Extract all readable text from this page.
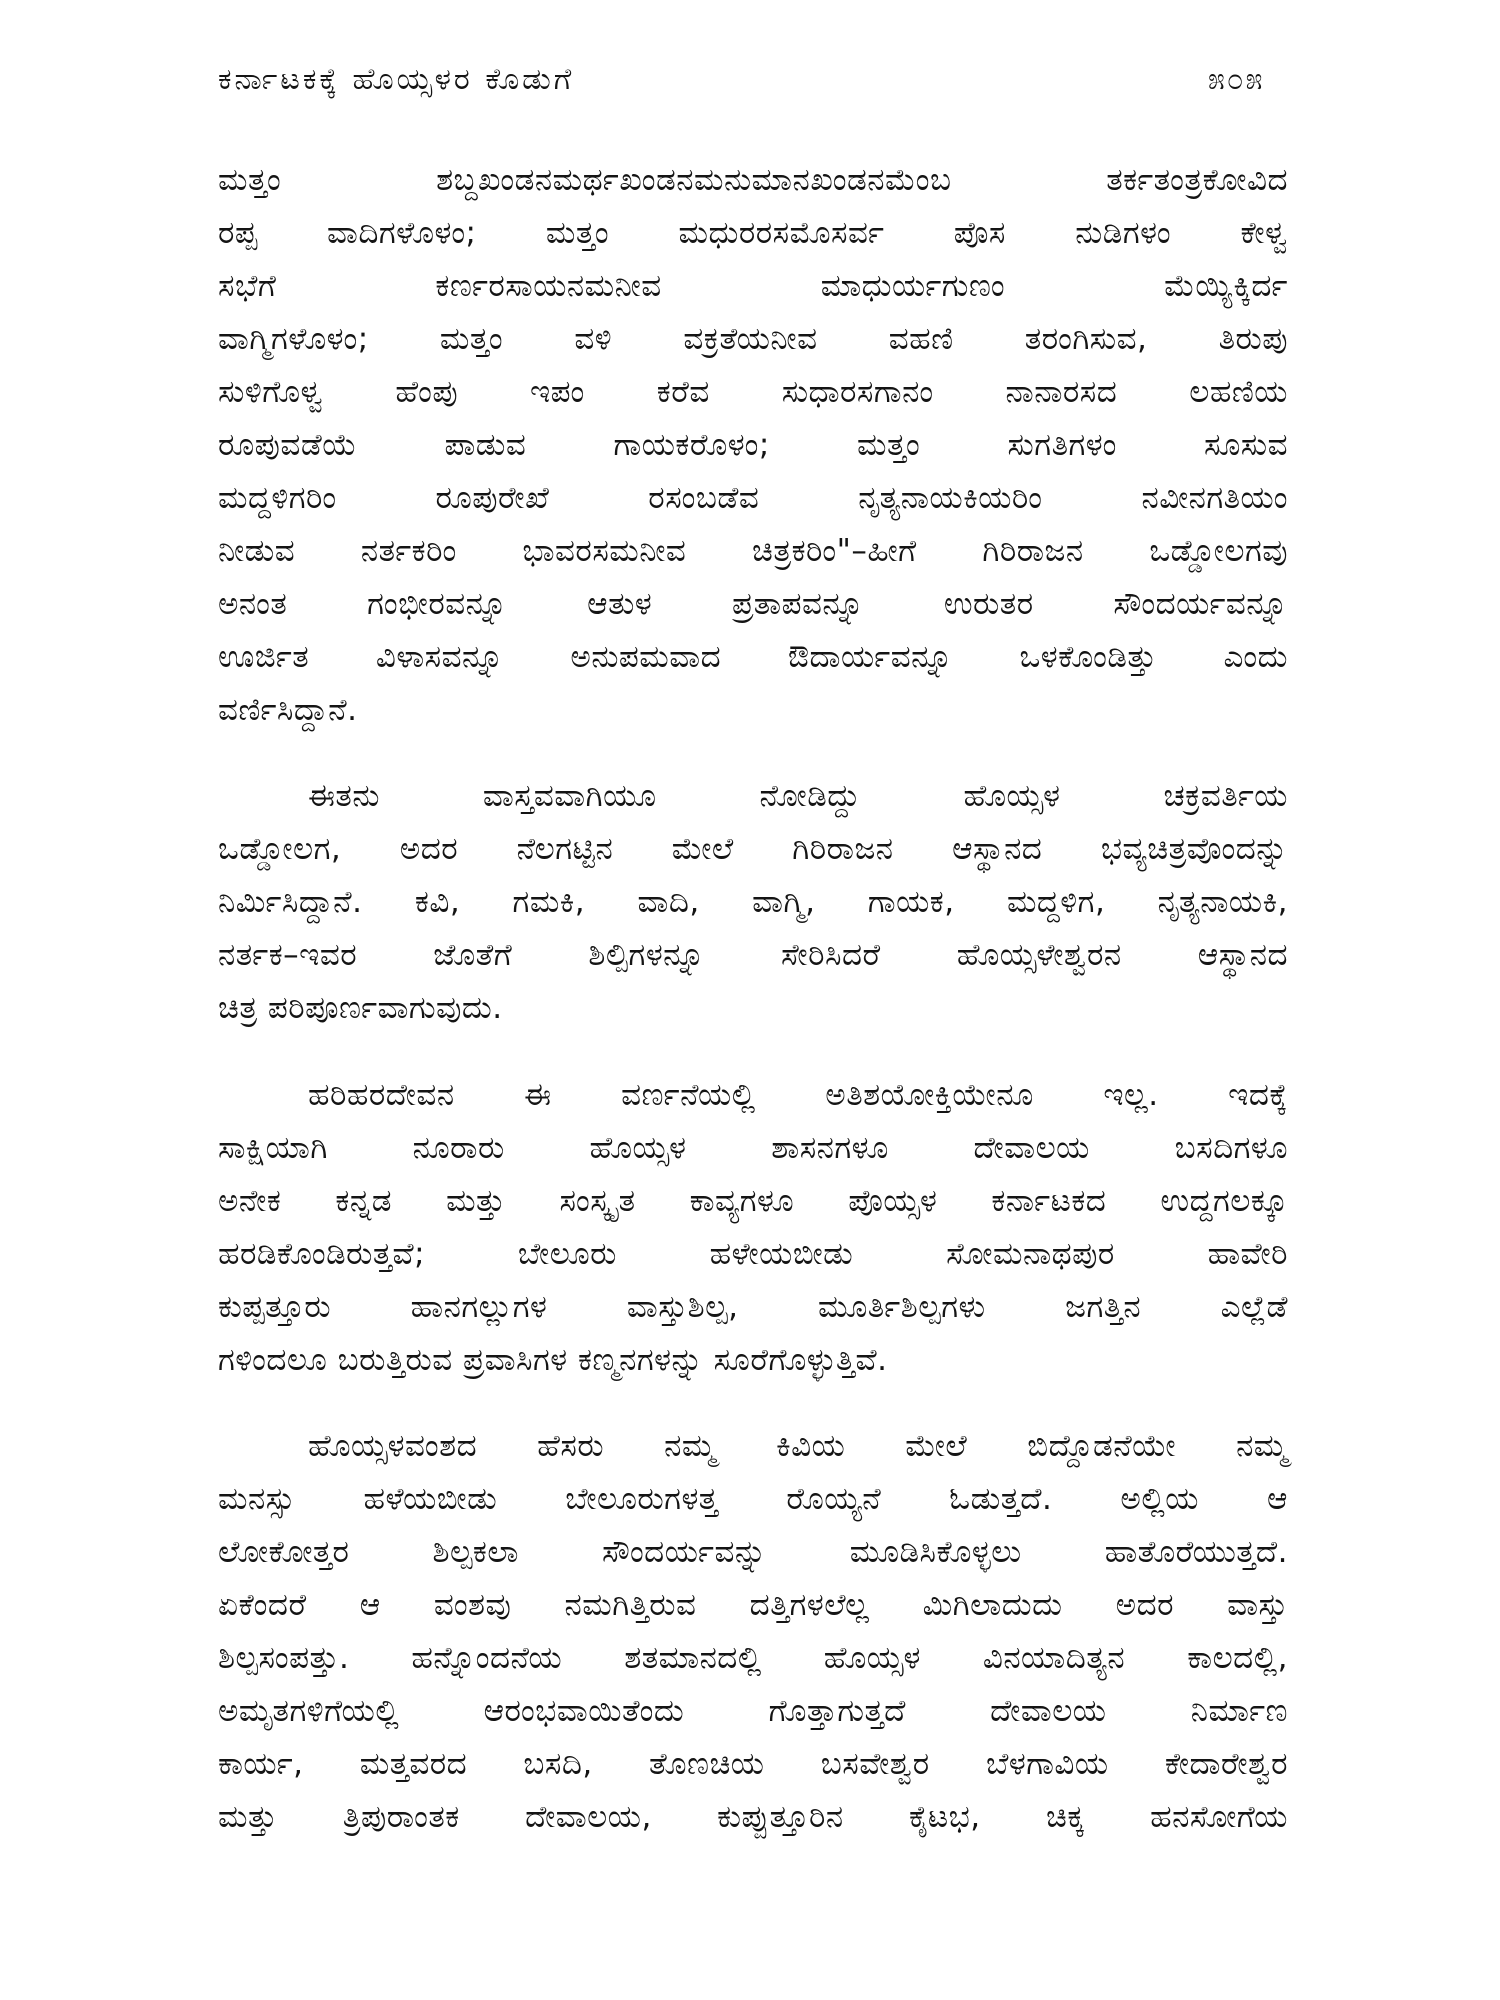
ಕರ್ನಾಟಕಕ್ಕೆ ಹೊಯ್ಸಳರ ಕೊಡುಗೆ	೫೦೫
ಮತ್ತಂ ಶಬ್ದಖಂಡನಮರ್ಥಖಂಡನಮನುಮಾನಖಂಡನಮೆಂಬ ತರ್ಕತಂತ್ರಕೋವಿದ
ರಪ್ಪ ವಾದಿಗಳೊಳಂ; ಮತ್ತಂ ಮಧುರರಸಮೊಸರ್ವ ಪೊಸ ನುಡಿಗಳಂ ಕೇಳ್ವ
ಸಭೆಗೆ ಕರ್ಣರಸಾಯನಮನೀವ ಮಾಧುರ್ಯಗುಣಂ ಮೆಯ್ಯಿಕ್ಕಿರ್ದ
ವಾಗ್ಮಿಗಳೊಳಂ; ಮತ್ತಂ ವಳಿ ವಕ್ರತೆಯನೀವ ವಹಣಿ ತರಂಗಿಸುವ, ತಿರುಪು
ಸುಳಿಗೊಳ್ವ ಹೆಂಪು ಇಪಂ ಕರೆವ ಸುಧಾರಸಗಾನಂ ನಾನಾರಸದ ಲಹಣಿಯ
ರೂಪುವಡೆಯೆ ಪಾಡುವ ಗಾಯಕರೊಳಂ; ಮತ್ತಂ ಸುಗತಿಗಳಂ ಸೂಸುವ
ಮದ್ದಳಿಗರಿಂ ರೂಪುರೇಖೆ ರಸಂಬಡೆವ ನೃತ್ಯನಾಯಕಿಯರಿಂ ನವೀನಗತಿಯಂ
ನೀಡುವ ನರ್ತಕರಿಂ ಭಾವರಸಮನೀವ ಚಿತ್ರಕರಿಂ"–ಹೀಗೆ ಗಿರಿರಾಜನ ಒಡ್ಡೋಲಗವು
ಅನಂತ ಗಂಭೀರವನ್ನೂ ಆತುಳ ಪ್ರತಾಪವನ್ನೂ ಉರುತರ ಸೌಂದರ್ಯವನ್ನೂ
ಊರ್ಜಿತ ವಿಳಾಸವನ್ನೂ ಅನುಪಮವಾದ ಔದಾರ್ಯವನ್ನೂ ಒಳಕೊಂಡಿತ್ತು ಎಂದು
ವರ್ಣಿಸಿದ್ದಾನೆ.
ಈತನು ವಾಸ್ತವವಾಗಿಯೂ ನೋಡಿದ್ದು ಹೊಯ್ಸಳ ಚಕ್ರವರ್ತಿಯ
ಒಡ್ಡೋಲಗ, ಅದರ ನೆಲಗಟ್ಟಿನ ಮೇಲೆ ಗಿರಿರಾಜನ ಆಸ್ಥಾನದ ಭವ್ಯಚಿತ್ರವೊಂದನ್ನು
ನಿರ್ಮಿಸಿದ್ದಾನೆ. ಕವಿ, ಗಮಕಿ, ವಾದಿ, ವಾಗ್ಮಿ, ಗಾಯಕ, ಮದ್ದಳಿಗ, ನೃತ್ಯನಾಯಕಿ,
ನರ್ತಕ–ಇವರ ಜೊತೆಗೆ ಶಿಲ್ಪಿಗಳನ್ನೂ ಸೇರಿಸಿದರೆ ಹೊಯ್ಸಳೇಶ್ವರನ ಆಸ್ಥಾನದ
ಚಿತ್ರ ಪರಿಪೂರ್ಣವಾಗುವುದು.
ಹರಿಹರದೇವನ ಈ ವರ್ಣನೆಯಲ್ಲಿ ಅತಿಶಯೋಕ್ತಿಯೇನೂ ಇಲ್ಲ. ಇದಕ್ಕೆ
ಸಾಕ್ಷಿಯಾಗಿ ನೂರಾರು ಹೊಯ್ಸಳ ಶಾಸನಗಳೂ ದೇವಾಲಯ ಬಸದಿಗಳೂ
ಅನೇಕ ಕನ್ನಡ ಮತ್ತು ಸಂಸ್ಕೃತ ಕಾವ್ಯಗಳೂ ಪೊಯ್ಸಳ ಕರ್ನಾಟಕದ ಉದ್ದಗಲಕ್ಕೂ
ಹರಡಿಕೊಂಡಿರುತ್ತವೆ; ಬೇಲೂರು ಹಳೇಯಬೀಡು ಸೋಮನಾಥಪುರ ಹಾವೇರಿ
ಕುಪ್ಪತ್ತೂರು ಹಾನಗಲ್ಲುಗಳ ವಾಸ್ತುಶಿಲ್ಪ, ಮೂರ್ತಿಶಿಲ್ಪಗಳು ಜಗತ್ತಿನ ಎಲ್ಲೆಡೆ
ಗಳಿಂದಲೂ ಬರುತ್ತಿರುವ ಪ್ರವಾಸಿಗಳ ಕಣ್ಮನಗಳನ್ನು ಸೂರೆಗೊಳ್ಳುತ್ತಿವೆ.
ಹೊಯ್ಸಳವಂಶದ ಹೆಸರು ನಮ್ಮ ಕಿವಿಯ ಮೇಲೆ ಬಿದ್ದೊಡನೆಯೇ ನಮ್ಮ
ಮನಸ್ಸು ಹಳೆಯಬೀಡು ಬೇಲೂರುಗಳತ್ತ ರೊಯ್ಯನೆ ಓಡುತ್ತದೆ. ಅಲ್ಲಿಯ ಆ
ಲೋಕೋತ್ತರ ಶಿಲ್ಪಕಲಾ ಸೌಂದರ್ಯವನ್ನು ಮೂಡಿಸಿಕೊಳ್ಳಲು ಹಾತೊರೆಯುತ್ತದೆ.
ಏಕೆಂದರೆ ಆ ವಂಶವು ನಮಗಿತ್ತಿರುವ ದತ್ತಿಗಳಲೆಲ್ಲ ಮಿಗಿಲಾದುದು ಅದರ ವಾಸ್ತು
ಶಿಲ್ಪಸಂಪತ್ತು. ಹನ್ನೊಂದನೆಯ ಶತಮಾನದಲ್ಲಿ ಹೊಯ್ಸಳ ವಿನಯಾದಿತ್ಯನ ಕಾಲದಲ್ಲಿ,
ಅಮೃತಗಳಿಗೆಯಲ್ಲಿ ಆರಂಭವಾಯಿತೆಂದು ಗೊತ್ತಾಗುತ್ತದೆ ದೇವಾಲಯ ನಿರ್ಮಾಣ
ಕಾರ್ಯ, ಮತ್ತವರದ ಬಸದಿ, ತೊಣಚಿಯ ಬಸವೇಶ್ವರ ಬೆಳಗಾವಿಯ ಕೇದಾರೇಶ್ವರ
ಮತ್ತು ತ್ರಿಪುರಾಂತಕ ದೇವಾಲಯ, ಕುಪ್ಪುತ್ತೂರಿನ ಕೈಟಭ, ಚಿಕ್ಕ ಹನಸೋಗೆಯ
